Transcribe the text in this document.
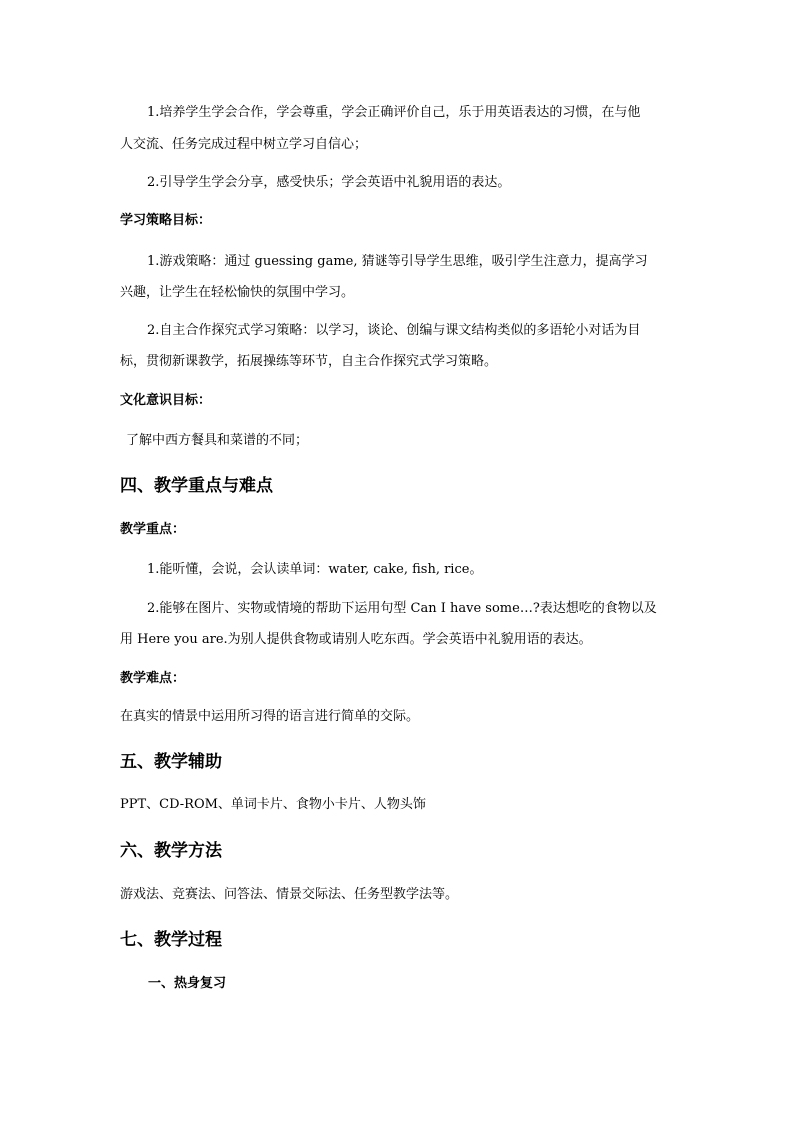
1.培养学生学会合作，学会尊重，学会正确评价自己，乐于用英语表达的习惯，在与他
人交流、任务完成过程中树立学习自信心；
2.引导学生学会分享，感受快乐；学会英语中礼貌用语的表达。
学习策略目标：
1.游戏策略：通过 guessing game, 猜谜等引导学生思维，吸引学生注意力，提高学习
兴趣，让学生在轻松愉快的氛围中学习。
2.自主合作探究式学习策略：以学习，谈论、创编与课文结构类似的多语轮小对话为目
标，贯彻新课教学，拓展操练等环节，自主合作探究式学习策略。
文化意识目标：
了解中西方餐具和菜谱的不同；
四、教学重点与难点
教学重点：
1.能听懂，会说，会认读单词：water, cake, fish, rice。
2.能够在图片、实物或情境的帮助下运用句型 Can I have some…?表达想吃的食物以及
用 Here you are.为别人提供食物或请别人吃东西。学会英语中礼貌用语的表达。
教学难点：
在真实的情景中运用所习得的语言进行简单的交际。
五、教学辅助
PPT、CD-ROM、单词卡片、食物小卡片、人物头饰
六、教学方法
游戏法、竞赛法、问答法、情景交际法、任务型教学法等。
七、教学过程
一、热身复习
